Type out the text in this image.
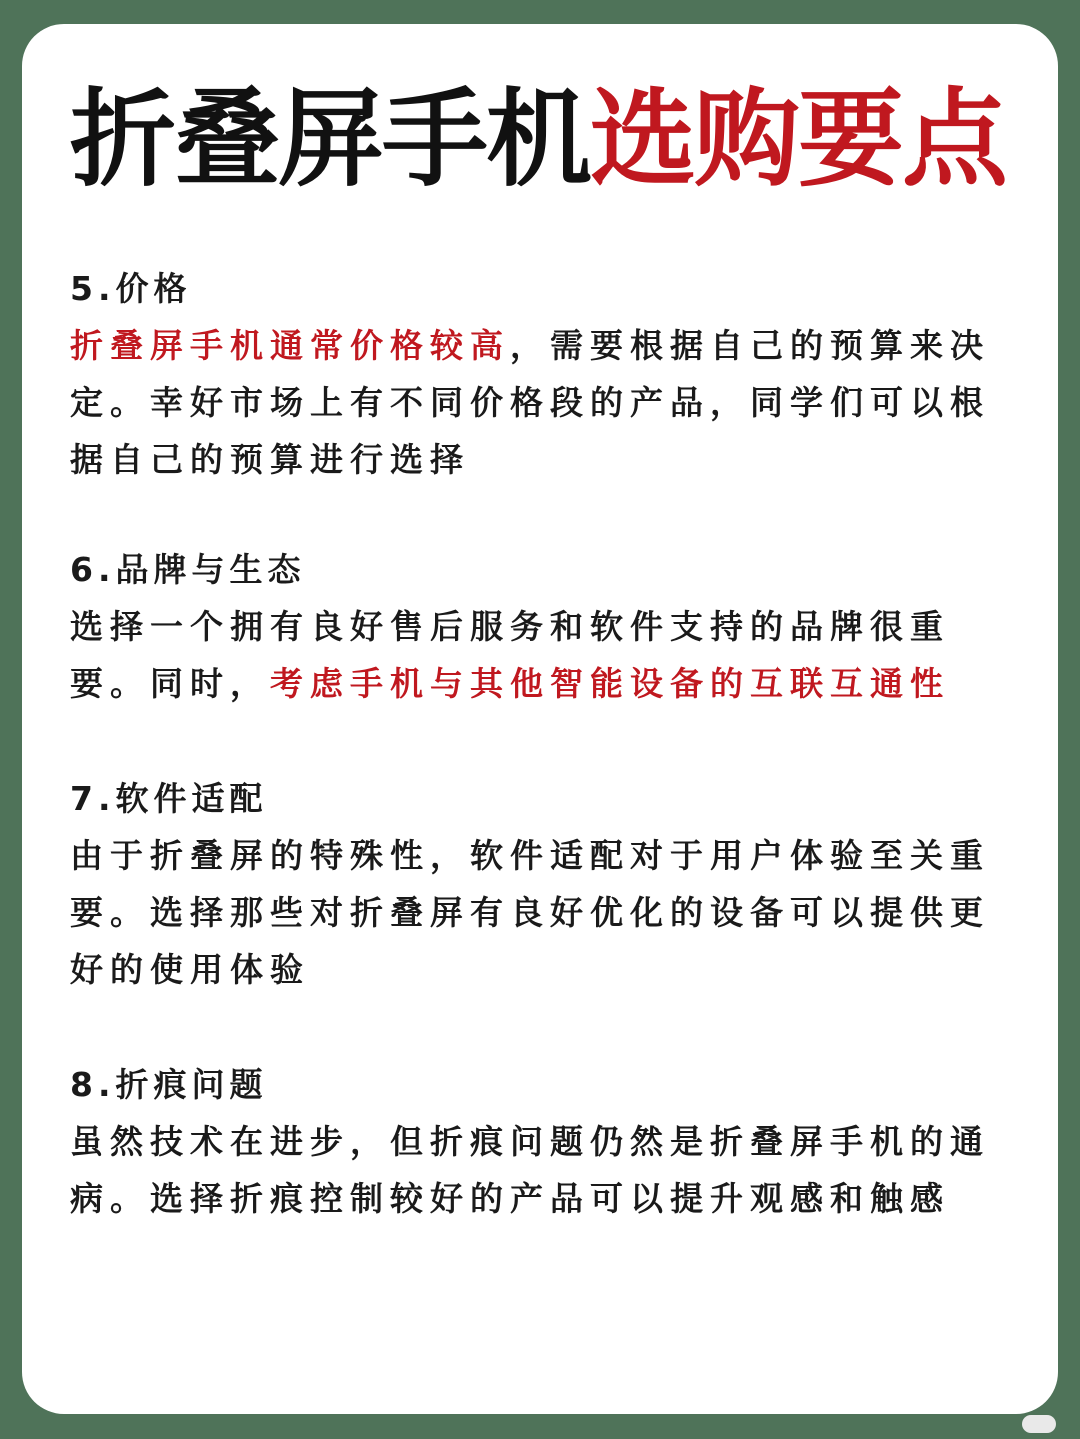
折叠屏手机选购要点

5.价格

折叠屏手机通常价格较高，需要根据自己的预算来决定。幸好市场上有不同价格段的产品，同学们可以根据自己的预算进行选择

6.品牌与生态

选择一个拥有良好售后服务和软件支持的品牌很重要。同时，考虑手机与其他智能设备的互联互通性

7.软件适配

由于折叠屏的特殊性，软件适配对于用户体验至关重要。选择那些对折叠屏有良好优化的设备可以提供更好的使用体验

8.折痕问题

虽然技术在进步，但折痕问题仍然是折叠屏手机的通病。选择折痕控制较好的产品可以提升观感和触感
